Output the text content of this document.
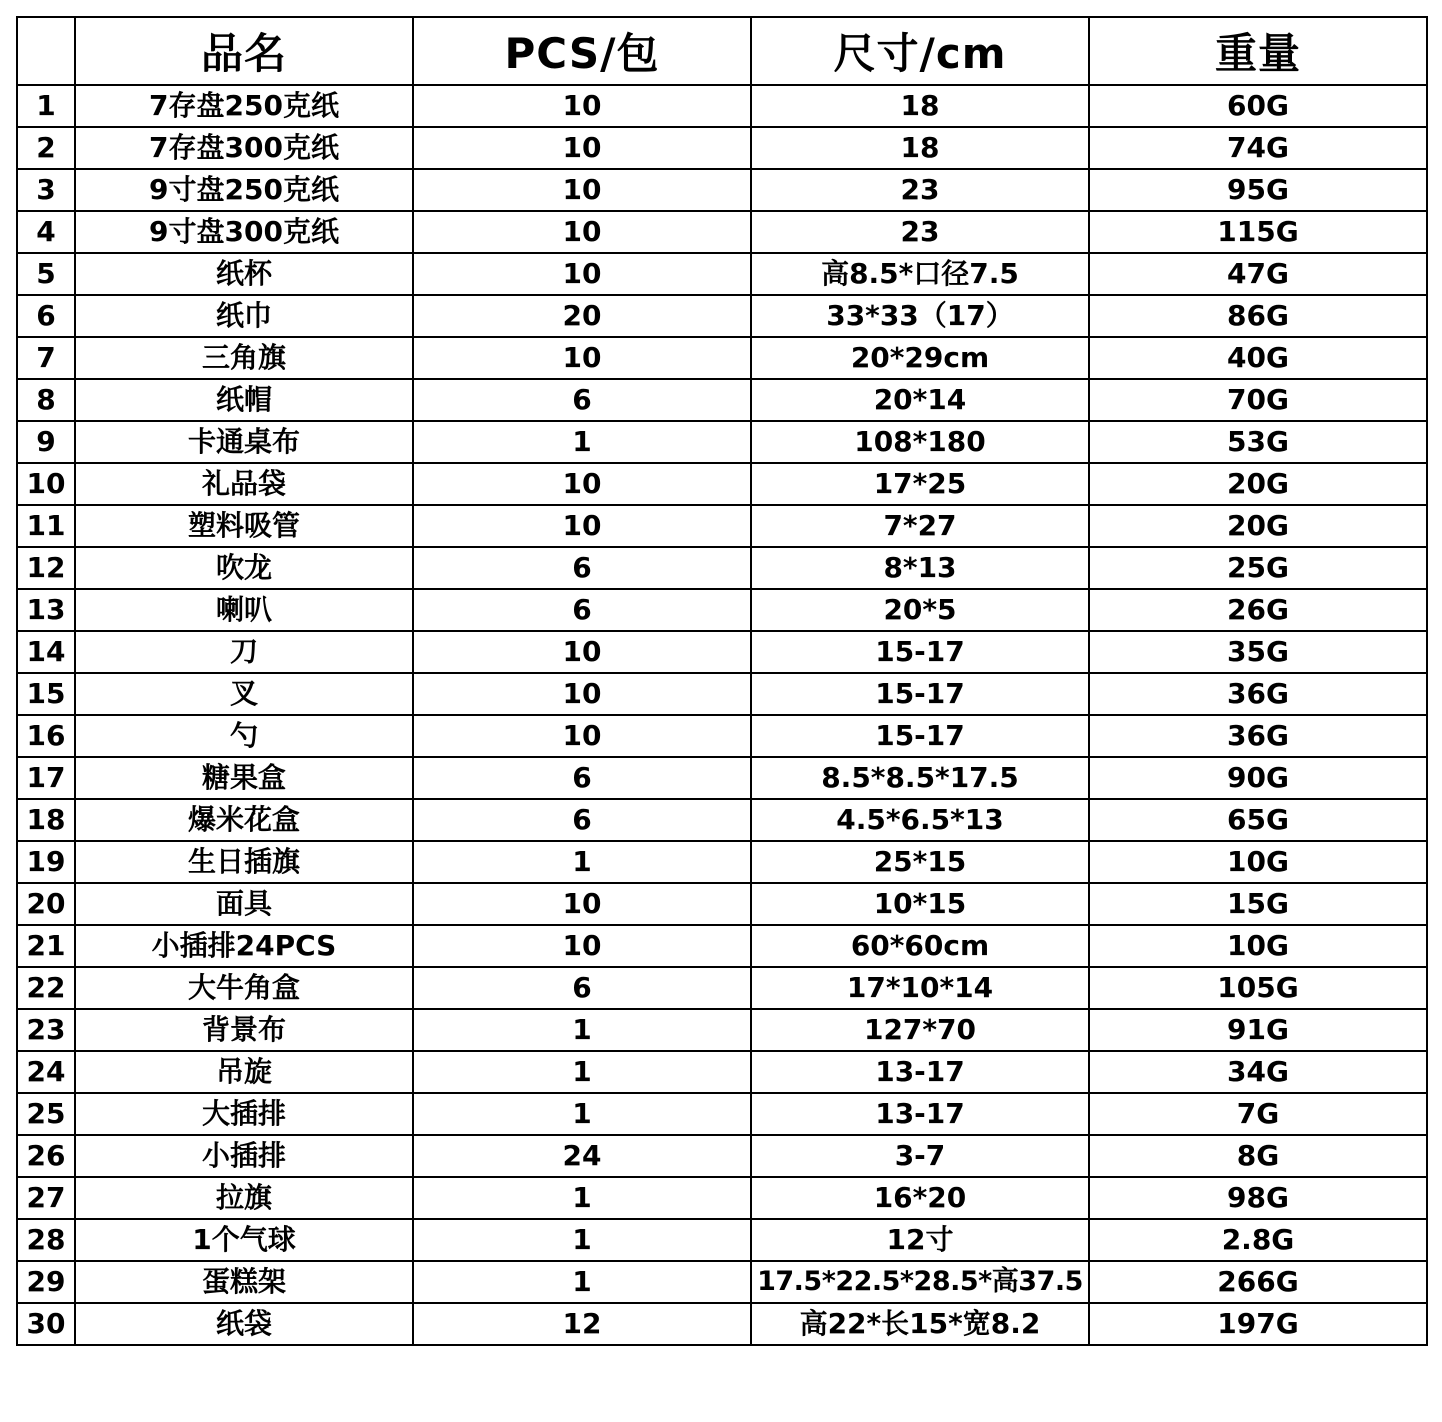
	品名	PCS/包	尺寸/cm	重量
1	7存盘250克纸	10	18	60G
2	7存盘300克纸	10	18	74G
3	9寸盘250克纸	10	23	95G
4	9寸盘300克纸	10	23	115G
5	纸杯	10	高8.5*口径7.5	47G
6	纸巾	20	33*33（17）	86G
7	三角旗	10	20*29cm	40G
8	纸帽	6	20*14	70G
9	卡通桌布	1	108*180	53G
10	礼品袋	10	17*25	20G
11	塑料吸管	10	7*27	20G
12	吹龙	6	8*13	25G
13	喇叭	6	20*5	26G
14	刀	10	15-17	35G
15	叉	10	15-17	36G
16	勺	10	15-17	36G
17	糖果盒	6	8.5*8.5*17.5	90G
18	爆米花盒	6	4.5*6.5*13	65G
19	生日插旗	1	25*15	10G
20	面具	10	10*15	15G
21	小插排24PCS	10	60*60cm	10G
22	大牛角盒	6	17*10*14	105G
23	背景布	1	127*70	91G
24	吊旋	1	13-17	34G
25	大插排	1	13-17	7G
26	小插排	24	3-7	8G
27	拉旗	1	16*20	98G
28	1个气球	1	12寸	2.8G
29	蛋糕架	1	17.5*22.5*28.5*高37.5	266G
30	纸袋	12	高22*长15*宽8.2	197G
